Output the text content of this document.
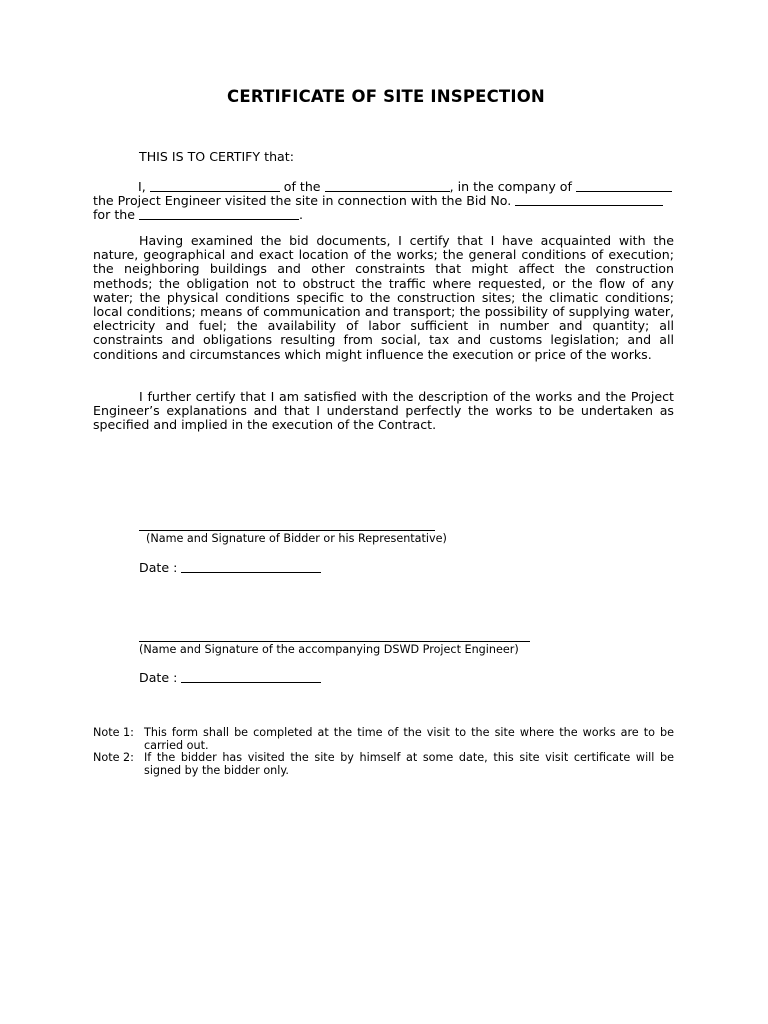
CERTIFICATE OF SITE INSPECTION
THIS IS TO CERTIFY that:
I,	of the	, in the company of
the Project Engineer visited the site in connection with the Bid No.
for the	.
Having examined the bid documents, I certify that I have acquainted with the nature, geographical and exact location of the works; the general conditions of execution; the neighboring buildings and other constraints that might affect the construction methods; the obligation not to obstruct the traffic where requested, or the flow of any water; the physical conditions specific to the construction sites; the climatic conditions; local conditions; means of communication and transport; the possibility of supplying water, electricity and fuel; the availability of labor sufficient in number and quantity; all constraints and obligations resulting from social, tax and customs legislation; and all conditions and circumstances which might influence the execution or price of the works.
I further certify that I am satisfied with the description of the works and the Project Engineer’s explanations and that I understand perfectly the works to be undertaken as specified and implied in the execution of the Contract.
(Name and Signature of Bidder or his Representative)
Date :
(Name and Signature of the accompanying DSWD Project Engineer)
Date :
Note 1: This form shall be completed at the time of the visit to the site where the works are to be carried out.
Note 2: If the bidder has visited the site by himself at some date, this site visit certificate will be signed by the bidder only.
